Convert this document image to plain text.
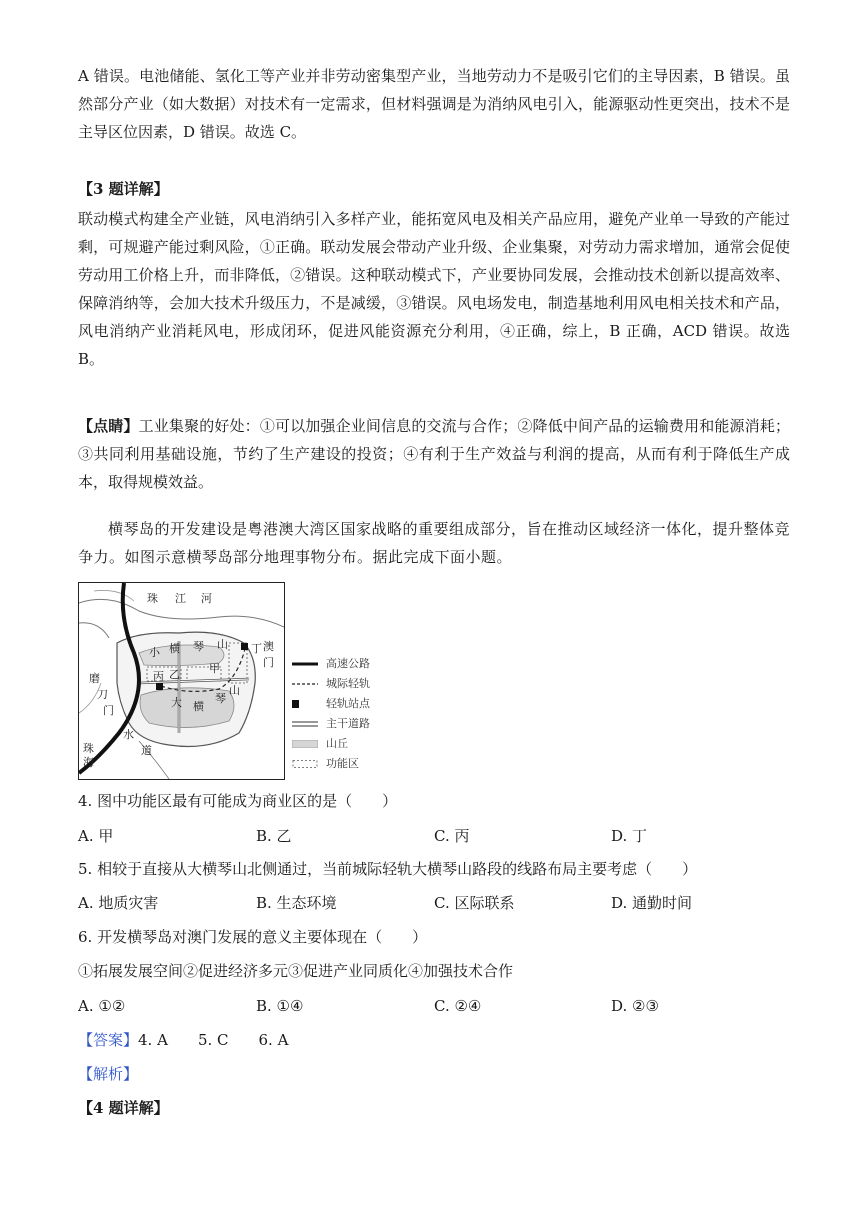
A 错误。电池储能、氢化工等产业并非劳动密集型产业，当地劳动力不是吸引它们的主导因素，B 错误。虽然部分产业（如大数据）对技术有一定需求，但材料强调是为消纳风电引入，能源驱动性更突出，技术不是主导区位因素，D 错误。故选 C。

【3 题详解】

联动模式构建全产业链，风电消纳引入多样产业，能拓宽风电及相关产品应用，避免产业单一导致的产能过剩，可规避产能过剩风险，①正确。联动发展会带动产业升级、企业集聚，对劳动力需求增加，通常会促使劳动用工价格上升，而非降低，②错误。这种联动模式下，产业要协同发展，会推动技术创新以提高效率、保障消纳等，会加大技术升级压力，不是减缓，③错误。风电场发电，制造基地利用风电相关技术和产品，风电消纳产业消耗风电，形成闭环，促进风能资源充分利用，④正确，综上，B 正确，ACD 错误。故选 B。

【点睛】工业集聚的好处：①可以加强企业间信息的交流与合作；②降低中间产品的运输费用和能源消耗；③共同利用基础设施，节约了生产建设的投资；④有利于生产效益与利润的提高，从而有利于降低生产成本，取得规模效益。

横琴岛的开发建设是粤港澳大湾区国家战略的重要组成部分，旨在推动区域经济一体化，提升整体竞争力。如图示意横琴岛部分地理事物分布。据此完成下面小题。

珠 江 河
小 横 琴 山 丁
乙	甲
丙
磨
刀
门
大 横
琴
山
水
道
澳
门
珠
海
高速公路
城际轻轨
轻轨站点
主干道路
山丘
功能区

4. 图中功能区最有可能成为商业区的是（　　）

A. 甲	B. 乙	C. 丙	D. 丁

5. 相较于直接从大横琴山北侧通过，当前城际轻轨大横琴山路段的线路布局主要考虑（　　）

A. 地质灾害	B. 生态环境	C. 区际联系	D. 通勤时间

6. 开发横琴岛对澳门发展的意义主要体现在（　　）

①拓展发展空间②促进经济多元③促进产业同质化④加强技术合作

A. ①②	B. ①④	C. ②④	D. ②③

【答案】4. A 5. C 6. A

【解析】

【4 题详解】
